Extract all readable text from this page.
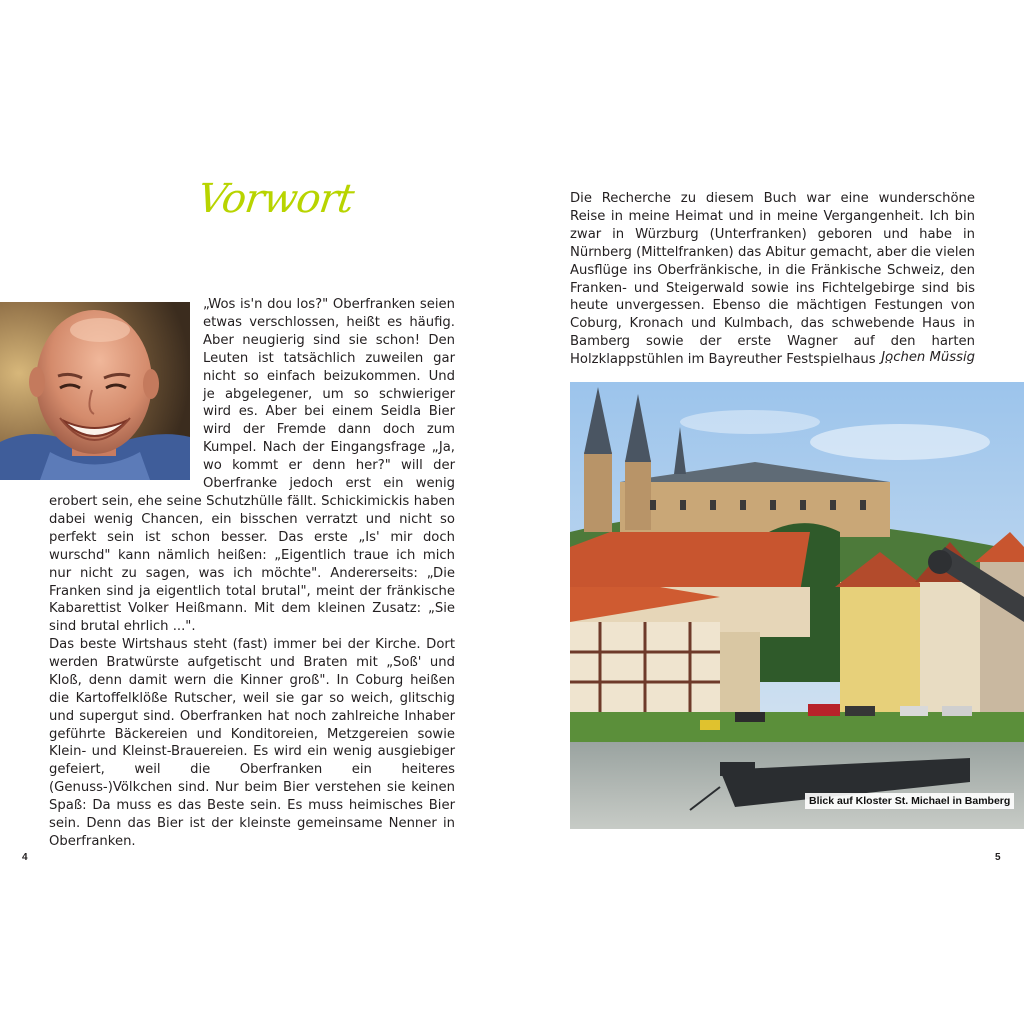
Vorwort

„Wos is'n dou los?" Oberfranken seien etwas verschlossen, heißt es häufig. Aber neugierig sind sie schon! Den Leuten ist tatsächlich zuweilen gar nicht so einfach beizukommen. Und je abgelegener, um so schwieriger wird es. Aber bei einem Seidla Bier wird der Fremde dann doch zum Kumpel. Nach der Eingangsfrage „Ja, wo kommt er denn her?" will der Oberfranke jedoch erst ein wenig erobert sein, ehe seine Schutzhülle fällt. Schickimickis haben dabei wenig Chancen, ein bisschen verratzt und nicht so perfekt sein ist schon besser. Das erste „Is' mir doch wurschd" kann nämlich heißen: „Eigentlich traue ich mich nur nicht zu sagen, was ich möchte". Andererseits: „Die Franken sind ja eigentlich total brutal", meint der fränkische Kabarettist Volker Heißmann. Mit dem kleinen Zusatz: „Sie sind brutal ehrlich ...".

Das beste Wirtshaus steht (fast) immer bei der Kirche. Dort werden Bratwürste aufgetischt und Braten mit „Soß' und Kloß, denn damit wern die Kinner groß". In Coburg heißen die Kartoffelklöße Rutscher, weil sie gar so weich, glitschig und supergut sind. Oberfranken hat noch zahlreiche Inhaber geführte Bäckereien und Konditoreien, Metzgereien sowie Klein- und Kleinst-Brauereien. Es wird ein wenig ausgiebiger gefeiert, weil die Oberfranken ein heiteres (Genuss-)Völkchen sind. Nur beim Bier verstehen sie keinen Spaß: Da muss es das Beste sein. Es muss heimisches Bier sein. Denn das Bier ist der kleinste gemeinsame Nenner in Oberfranken.

4

Die Recherche zu diesem Buch war eine wunderschöne Reise in meine Heimat und in meine Vergangenheit. Ich bin zwar in Würzburg (Unterfranken) geboren und habe in Nürnberg (Mittelfranken) das Abitur gemacht, aber die vielen Ausflüge ins Oberfränkische, in die Fränkische Schweiz, den Franken- und Steigerwald sowie ins Fichtelgebirge sind bis heute unvergessen. Ebenso die mächtigen Festungen von Coburg, Kronach und Kulmbach, das schwebende Haus in Bamberg sowie der erste Wagner auf den harten Holzklappstühlen im Bayreuther Festspielhaus ...

Jochen Müssig
Blick auf Kloster St. Michael in Bamberg
5
